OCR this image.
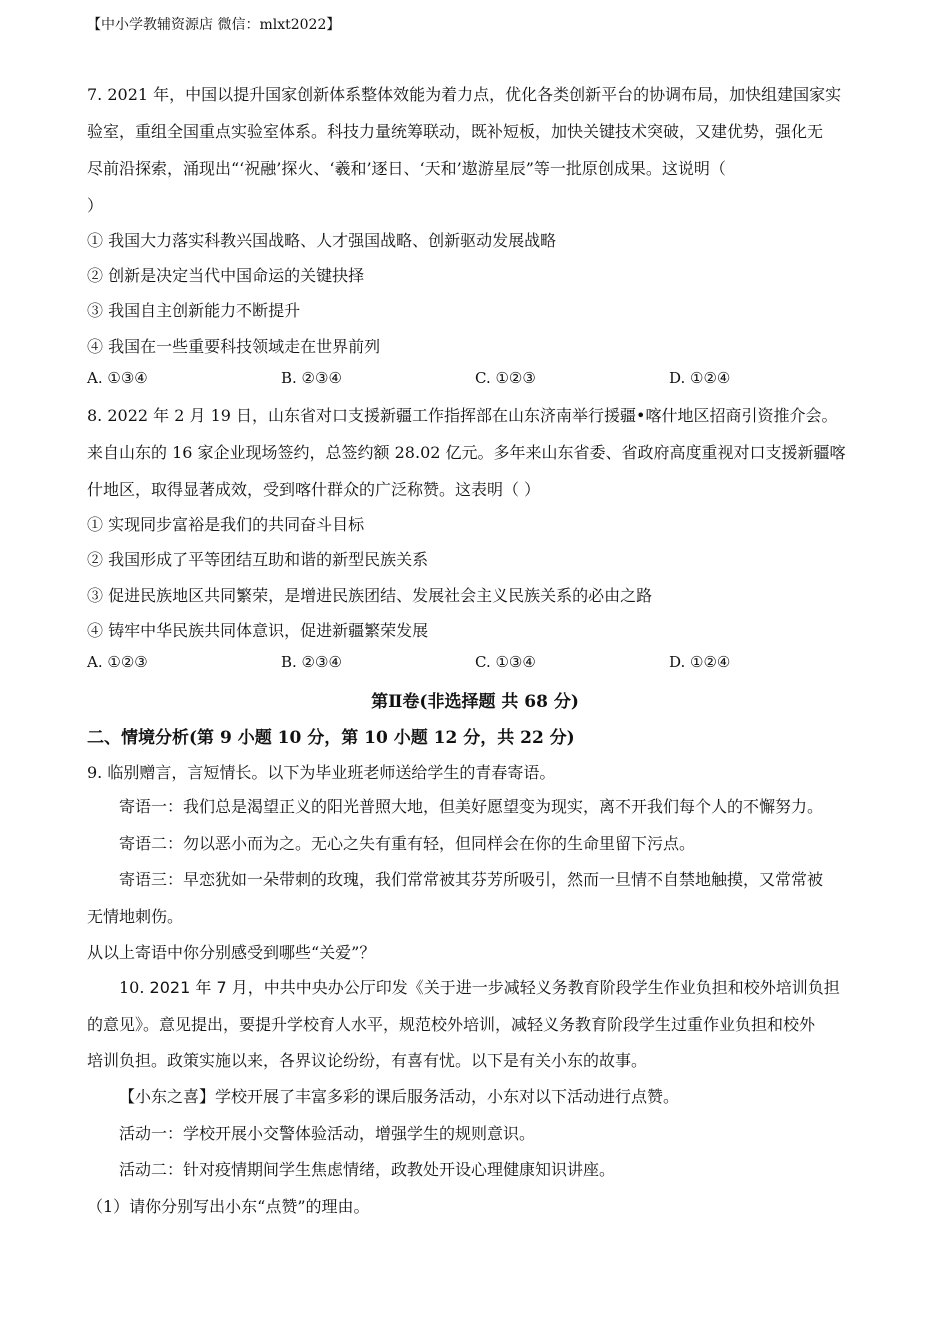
【中小学教辅资源店 微信：mlxt2022】
7. 2021 年，中国以提升国家创新体系整体效能为着力点，优化各类创新平台的协调布局，加快组建国家实
验室，重组全国重点实验室体系。科技力量统筹联动，既补短板，加快关键技术突破，又建优势，强化无
尽前沿探索，涌现出“‘祝融’探火、‘羲和’逐日、‘天和’遨游星辰”等一批原创成果。这说明（
）
① 我国大力落实科教兴国战略、人才强国战略、创新驱动发展战略
② 创新是决定当代中国命运的关键抉择
③ 我国自主创新能力不断提升
④ 我国在一些重要科技领域走在世界前列
A. ①③④	B. ②③④	C. ①②③	D. ①②④
8. 2022 年 2 月 19 日，山东省对口支援新疆工作指挥部在山东济南举行援疆•喀什地区招商引资推介会。
来自山东的 16 家企业现场签约，总签约额 28.02 亿元。多年来山东省委、省政府高度重视对口支援新疆喀
什地区，取得显著成效，受到喀什群众的广泛称赞。这表明（ ）
① 实现同步富裕是我们的共同奋斗目标
② 我国形成了平等团结互助和谐的新型民族关系
③ 促进民族地区共同繁荣，是增进民族团结、发展社会主义民族关系的必由之路
④ 铸牢中华民族共同体意识，促进新疆繁荣发展
A. ①②③	B. ②③④	C. ①③④	D. ①②④
第Ⅱ卷(非选择题 共 68 分)
二、情境分析(第 9 小题 10 分，第 10 小题 12 分，共 22 分)
9. 临别赠言，言短情长。以下为毕业班老师送给学生的青春寄语。
寄语一：我们总是渴望正义的阳光普照大地，但美好愿望变为现实，离不开我们每个人的不懈努力。
寄语二：勿以恶小而为之。无心之失有重有轻，但同样会在你的生命里留下污点。
寄语三：早恋犹如一朵带刺的玫瑰，我们常常被其芬芳所吸引，然而一旦情不自禁地触摸，又常常被
无情地刺伤。
从以上寄语中你分别感受到哪些“关爱”？
10. 2021 年 7 月，中共中央办公厅印发《关于进一步减轻义务教育阶段学生作业负担和校外培训负担
的意见》。意见提出，要提升学校育人水平，规范校外培训，减轻义务教育阶段学生过重作业负担和校外
培训负担。政策实施以来，各界议论纷纷，有喜有忧。以下是有关小东的故事。
【小东之喜】学校开展了丰富多彩的课后服务活动，小东对以下活动进行点赞。
活动一：学校开展小交警体验活动，增强学生的规则意识。
活动二：针对疫情期间学生焦虑情绪，政教处开设心理健康知识讲座。
（1）请你分别写出小东“点赞”的理由。
